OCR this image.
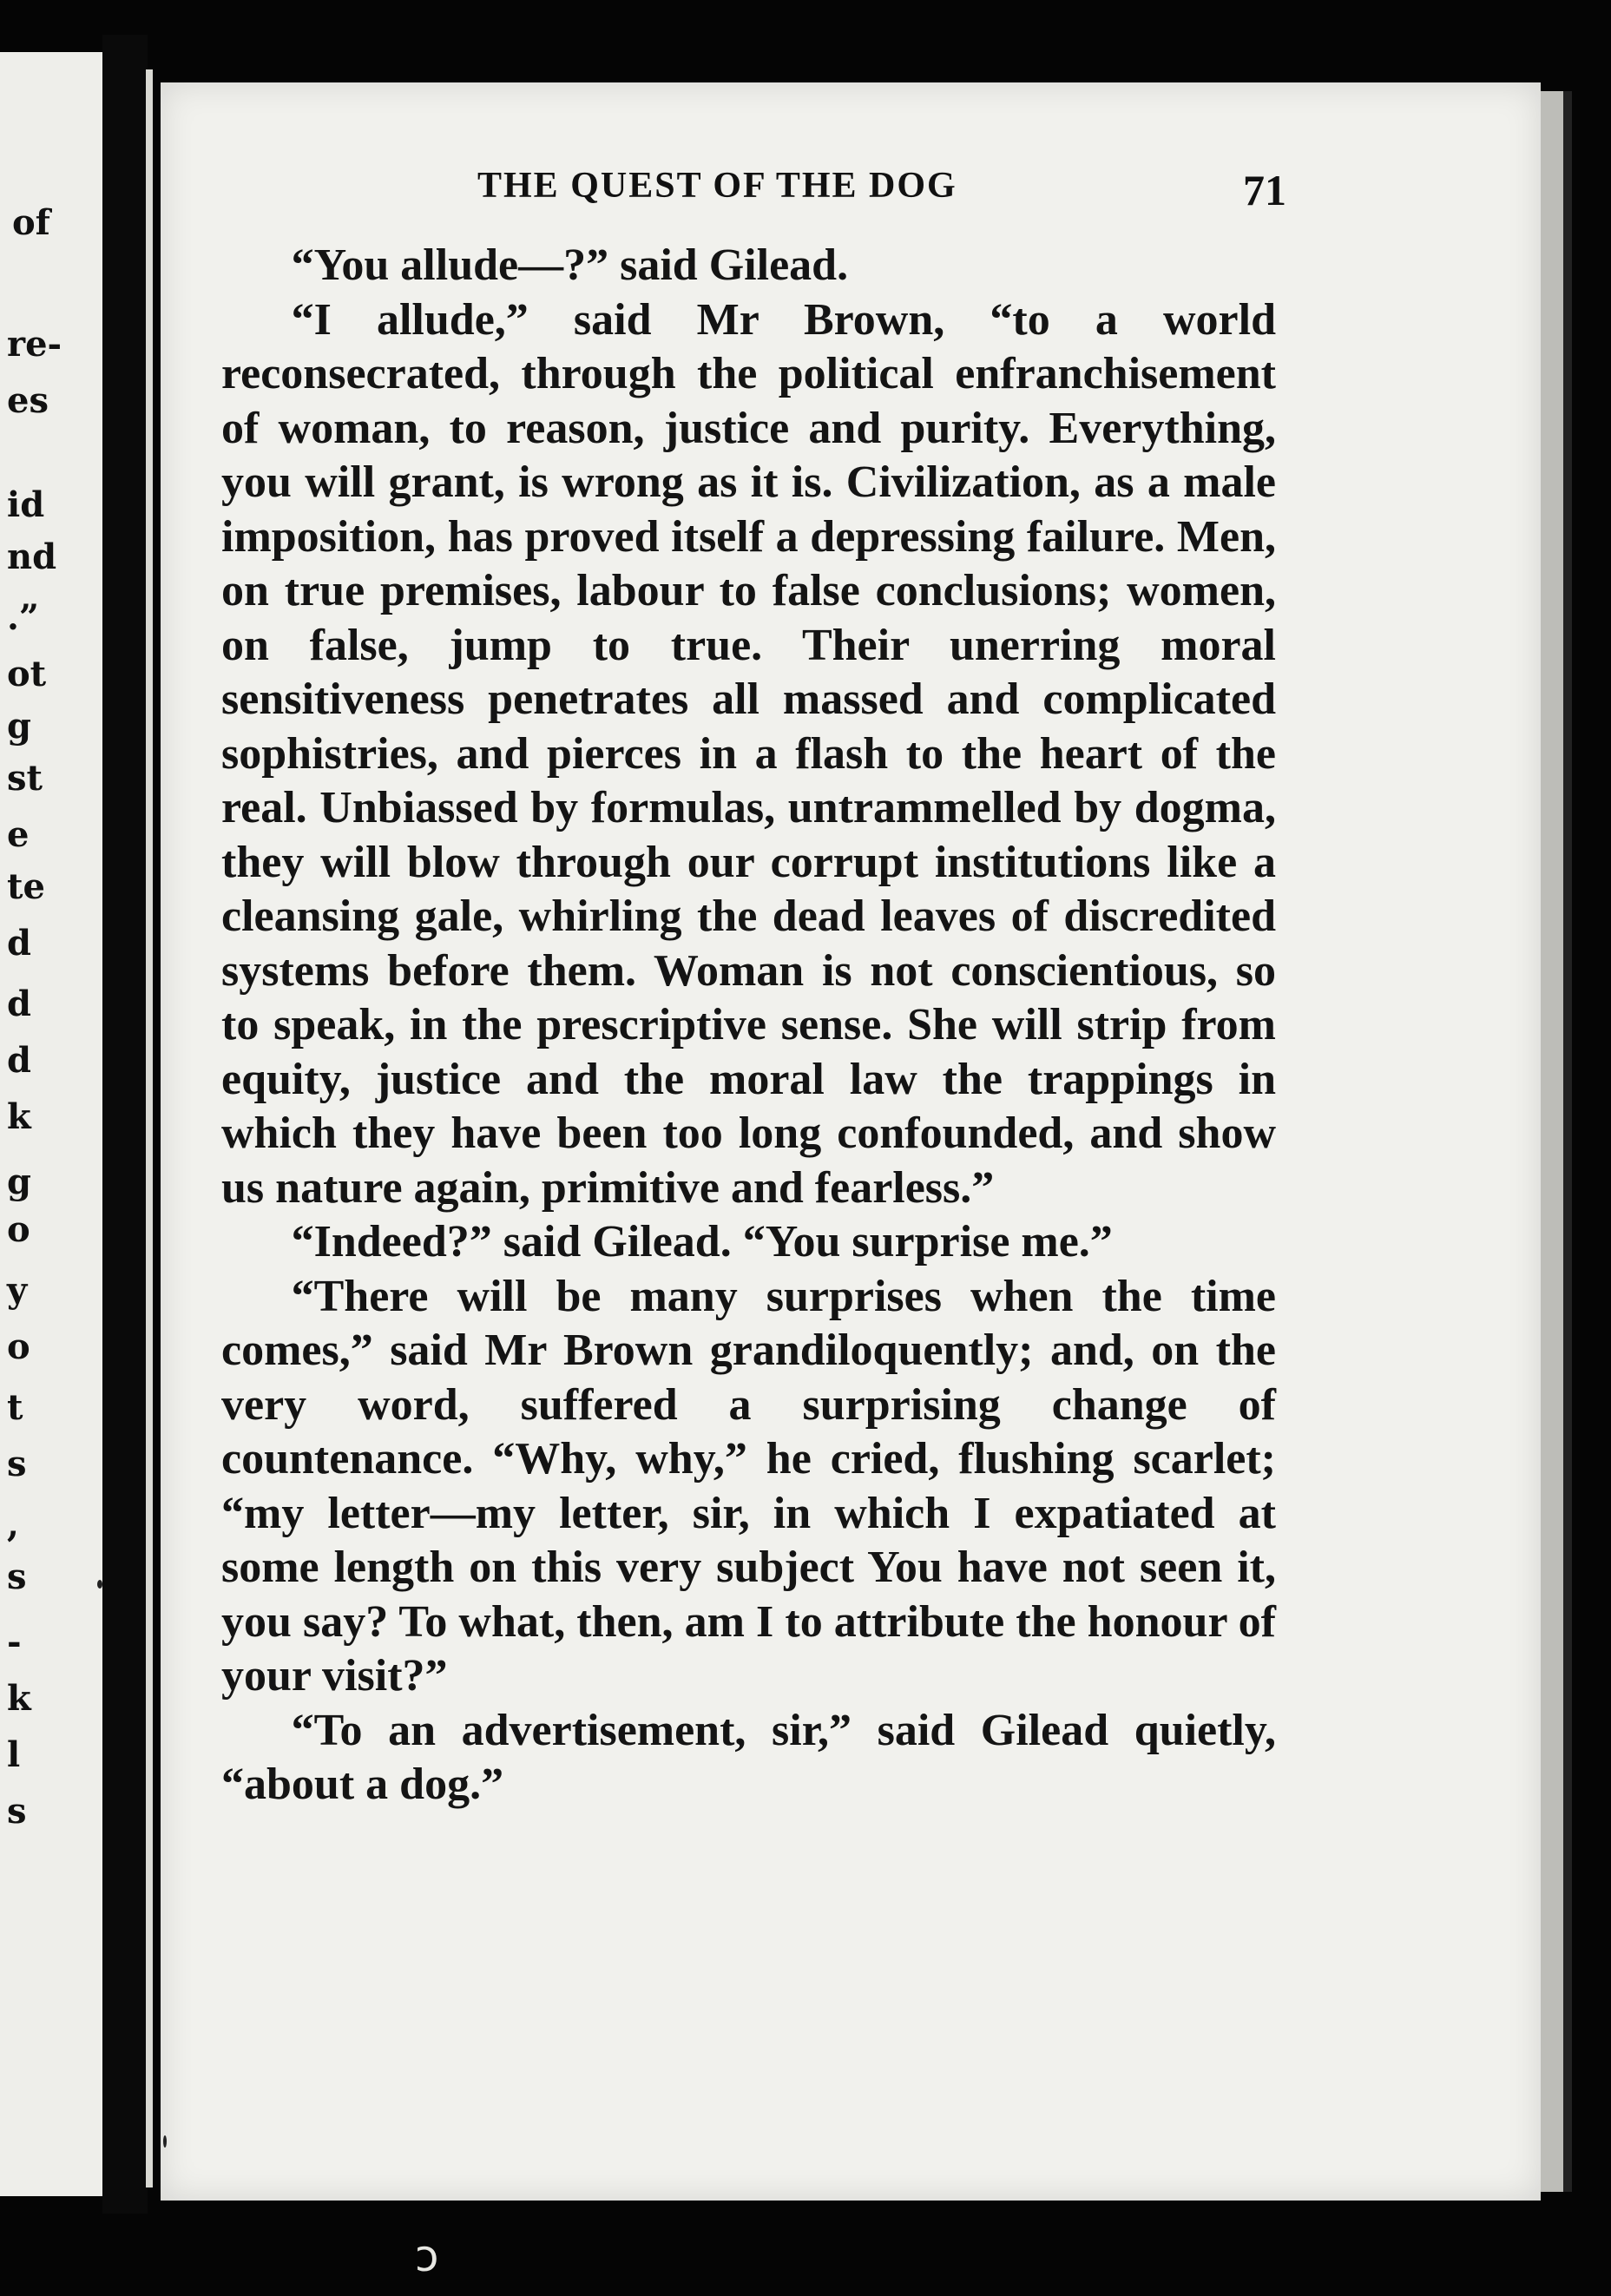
of
re-
es
id
nd
.”
ot
g
st
e
te
d
d
d
k
g
o
y
o
t
s
,
s
-
k
l
s
THE QUEST OF THE DOG	71

“You allude—?” said Gilead.

“I allude,” said Mr Brown, “to a world reconsecrated, through the political enfranchisement of woman, to reason, justice and purity. Everything, you will grant, is wrong as it is. Civilization, as a male imposition, has proved itself a depressing failure. Men, on true premises, labour to false conclusions; women, on false, jump to true. Their unerring moral sensitiveness penetrates all massed and complicated sophistries, and pierces in a flash to the heart of the real. Unbiassed by formulas, untrammelled by dogma, they will blow through our corrupt institutions like a cleansing gale, whirling the dead leaves of discredited systems before them. Woman is not conscientious, so to speak, in the prescriptive sense. She will strip from equity, justice and the moral law the trappings in which they have been too long confounded, and show us nature again, primitive and fearless.”

“Indeed?” said Gilead. “You surprise me.”

“There will be many surprises when the time comes,” said Mr Brown grandiloquently; and, on the very word, suffered a surprising change of countenance. “Why, why,” he cried, flushing scarlet; “my letter—my letter, sir, in which I expatiated at some length on this very subject You have not seen it, you say? To what, then, am I to attribute the honour of your visit?”

“To an advertisement, sir,” said Gilead quietly, “about a dog.”

ᴐ
